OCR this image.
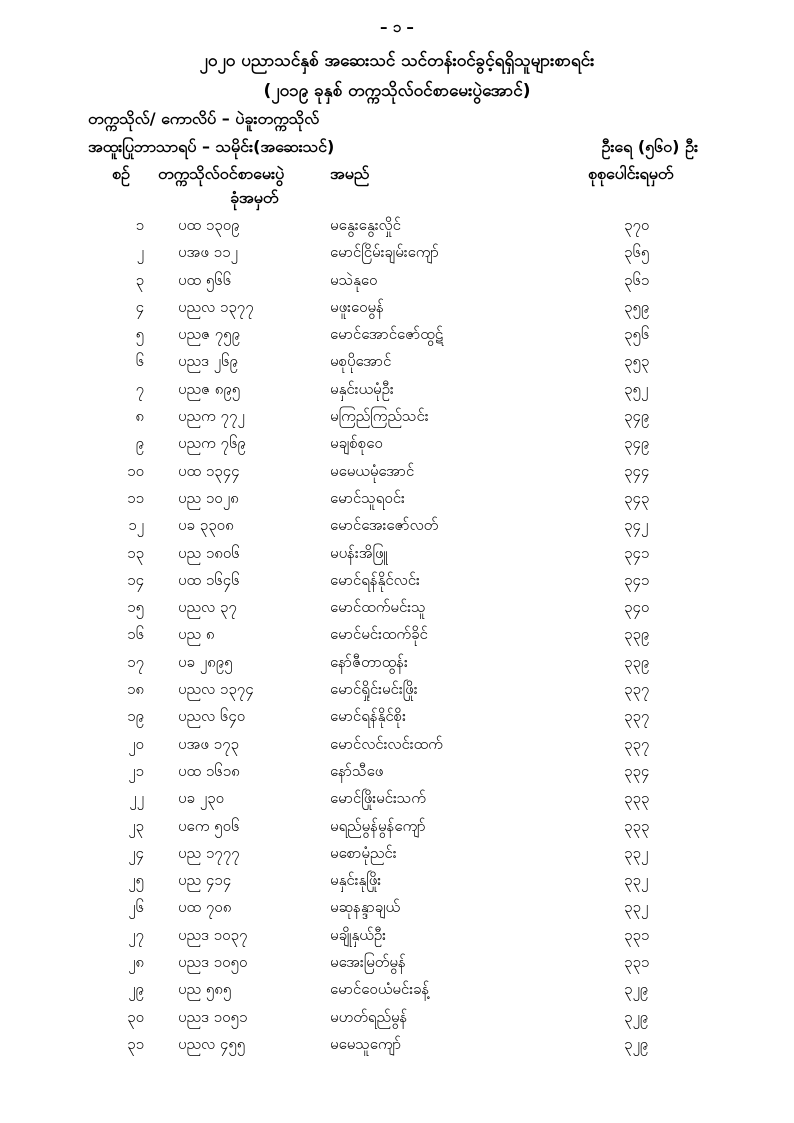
– ၁ –
၂၀၂၀ ပညာသင်နှစ် အဆေးသင် သင်တန်းဝင်ခွင့်ရရှိသူများစာရင်း
(၂၀၁၉ ခုနှစ် တက္ကသိုလ်ဝင်စာမေးပွဲအောင်)
တက္ကသိုလ်/ ကောလိပ် – ပဲခူးတက္ကသိုလ်
အထူးပြုဘာသာရပ် – သမိုင်း(အဆေးသင်)	ဦးရေ (၅၆၀) ဦး
စဉ် တက္ကသိုလ်ဝင်စာမေးပွဲ	အမည်	စုစုပေါင်းရမှတ်
ခုံအမှတ်
၁ ပထ ၁၃၀၉	မနွေးနွေးလှိုင်	၃၇၀
၂ ပအဖ ၁၁၂	မောင်ငြိမ်းချမ်းကျော်	၃၆၅
၃ ပထ ၅၆၆	မသဲနုဝေ	၃၆၁
၄ ပညလ ၁၃၇၇	မဖူးဝေမွန်	၃၅၉
၅ ပညဇ ၇၅၉	မောင်အောင်ဇော်ထွဋ်	၃၅၆
၆ ပညဒ ၂၆၉	မစုပိုအောင်	၃၅၃
၇ ပညဇ ၈၉၅	မနှင်းယမုံဦး	၃၅၂
၈ ပညက ၇၇၂	မကြည်ကြည်သင်း	၃၄၉
၉ ပညက ၇၆၉	မချစ်စုဝေ	၃၄၉
၁၀ ပထ ၁၃၄၄	မမေယမုံအောင်	၃၄၄
၁၁ ပည ၁၀၂၈	မောင်သူရဝင်း	၃၄၃
၁၂ ပခ ၃၃၀၈	မောင်အေးဇော်လတ်	၃၄၂
၁၃ ပည ၁၈၀၆	မပန်းအိဖြူ	၃၄၁
၁၄ ပထ ၁၆၄၆	မောင်ရန်နိုင်လင်း	၃၄၁
၁၅ ပညလ ၃၇	မောင်ထက်မင်းသူ	၃၄၀
၁၆ ပည ၈	မောင်မင်းထက်ခိုင်	၃၃၉
၁၇ ပခ ၂၈၉၅	နော်ဇီတာထွန်း	၃၃၉
၁၈ ပညလ ၁၃၇၄	မောင်ရှိုင်းမင်းဖြိုး	၃၃၇
၁၉ ပညလ ၆၄၀	မောင်ရန်နိုင်စိုး	၃၃၇
၂၀ ပအဖ ၁၇၃	မောင်လင်းလင်းထက်	၃၃၇
၂၁ ပထ ၁၆၁၈	နော်သီဖေ	၃၃၄
၂၂ ပခ ၂၃၀	မောင်ဖြိုးမင်းသက်	၃၃၃
၂၃ ပကေ ၅၀၆	မရည်မွန်မွန်ကျော်	၃၃၃
၂၄ ပည ၁၇၇၇	မစောမုံညင်း	၃၃၂
၂၅ ပည ၄၁၄	မနှင်းနုဖြိုး	၃၃၂
၂၆ ပထ ၇၀၈	မဆုနန္ဒာချယ်	၃၃၂
၂၇ ပညဒ ၁၀၃၇	မချိုနှယ်ဦး	၃၃၁
၂၈ ပညဒ ၁၀၅၀	မအေးမြတ်မွန်	၃၃၁
၂၉ ပည ၅၈၅	မောင်ဝေယံမင်းခန့်	၃၂၉
၃၀ ပညဒ ၁၀၅၁	မဟတ်ရည်မွန်	၃၂၉
၃၁ ပညလ ၄၅၅	မမေသူကျော်	၃၂၉
